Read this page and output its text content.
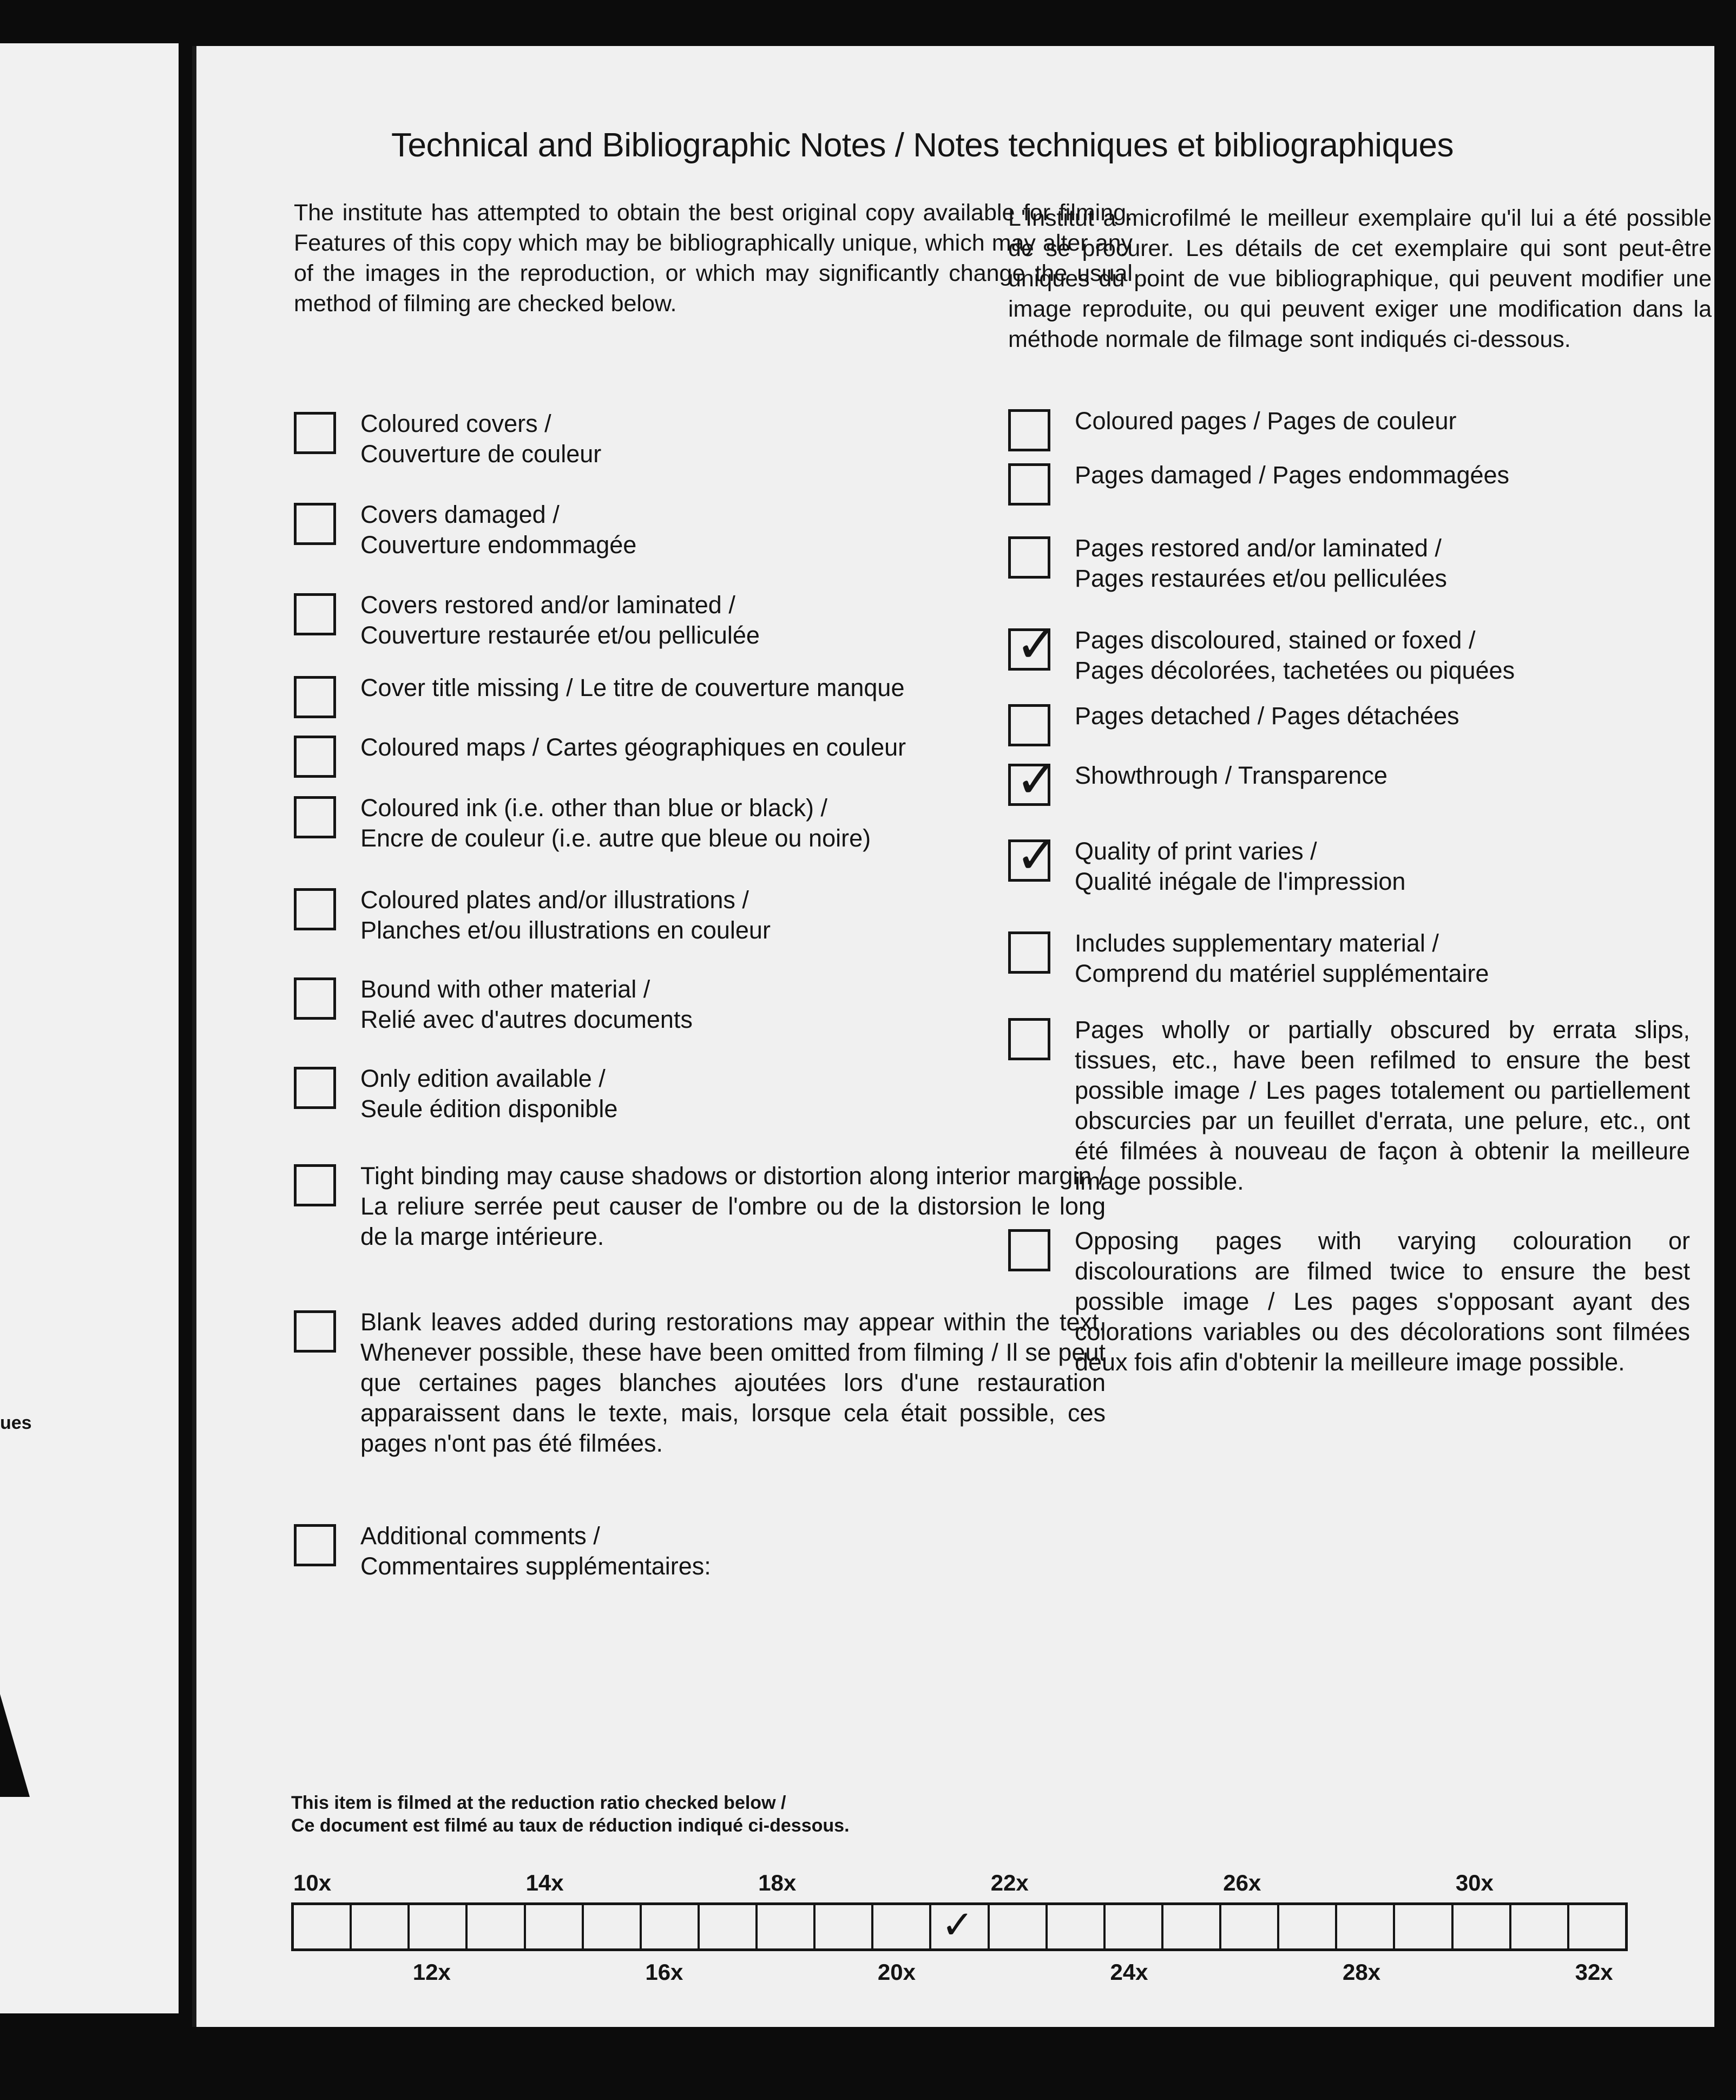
ues
Technical and Bibliographic Notes / Notes techniques et bibliographiques
The institute has attempted to obtain the best original copy available for filming. Features of this copy which may be bibliographically unique, which may alter any of the images in the reproduction, or which may significantly change the usual method of filming are checked below.
L'Institut a microfilmé le meilleur exemplaire qu'il lui a été possible de se procurer. Les détails de cet exemplaire qui sont peut-être uniques du point de vue bibliographique, qui peuvent modifier une image reproduite, ou qui peuvent exiger une modification dans la méthode normale de filmage sont indiqués ci-dessous.
Coloured covers /
Couverture de couleur
Covers damaged /
Couverture endommagée
Covers restored and/or laminated /
Couverture restaurée et/ou pelliculée
Cover title missing / Le titre de couverture manque
Coloured maps / Cartes géographiques en couleur
Coloured ink (i.e. other than blue or black) /
Encre de couleur (i.e. autre que bleue ou noire)
Coloured plates and/or illustrations /
Planches et/ou illustrations en couleur
Bound with other material /
Relié avec d'autres documents
Only edition available /
Seule édition disponible
Tight binding may cause shadows or distortion along interior margin / La reliure serrée peut causer de l'ombre ou de la distorsion le long de la marge intérieure.
Blank leaves added during restorations may appear within the text. Whenever possible, these have been omitted from filming / Il se peut que certaines pages blanches ajoutées lors d'une restauration apparaissent dans le texte, mais, lorsque cela était possible, ces pages n'ont pas été filmées.
Additional comments /
Commentaires supplémentaires:
Coloured pages / Pages de couleur
Pages damaged / Pages endommagées
Pages restored and/or laminated /
Pages restaurées et/ou pelliculées
✓ Pages discoloured, stained or foxed /
Pages décolorées, tachetées ou piquées
Pages detached / Pages détachées
✓ Showthrough / Transparence
✓ Quality of print varies /
Qualité inégale de l'impression
Includes supplementary material /
Comprend du matériel supplémentaire
Pages wholly or partially obscured by errata slips, tissues, etc., have been refilmed to ensure the best possible image / Les pages totalement ou partiellement obscurcies par un feuillet d'errata, une pelure, etc., ont été filmées à nouveau de façon à obtenir la meilleure image possible.
Opposing pages with varying colouration or discolourations are filmed twice to ensure the best possible image / Les pages s'opposant ayant des colorations variables ou des décolorations sont filmées deux fois afin d'obtenir la meilleure image possible.
This item is filmed at the reduction ratio checked below /
Ce document est filmé au taux de réduction indiqué ci-dessous.
10x	14x	18x	22x	26x	30x
12x	16x	20x	24x	28x	32x
✓
